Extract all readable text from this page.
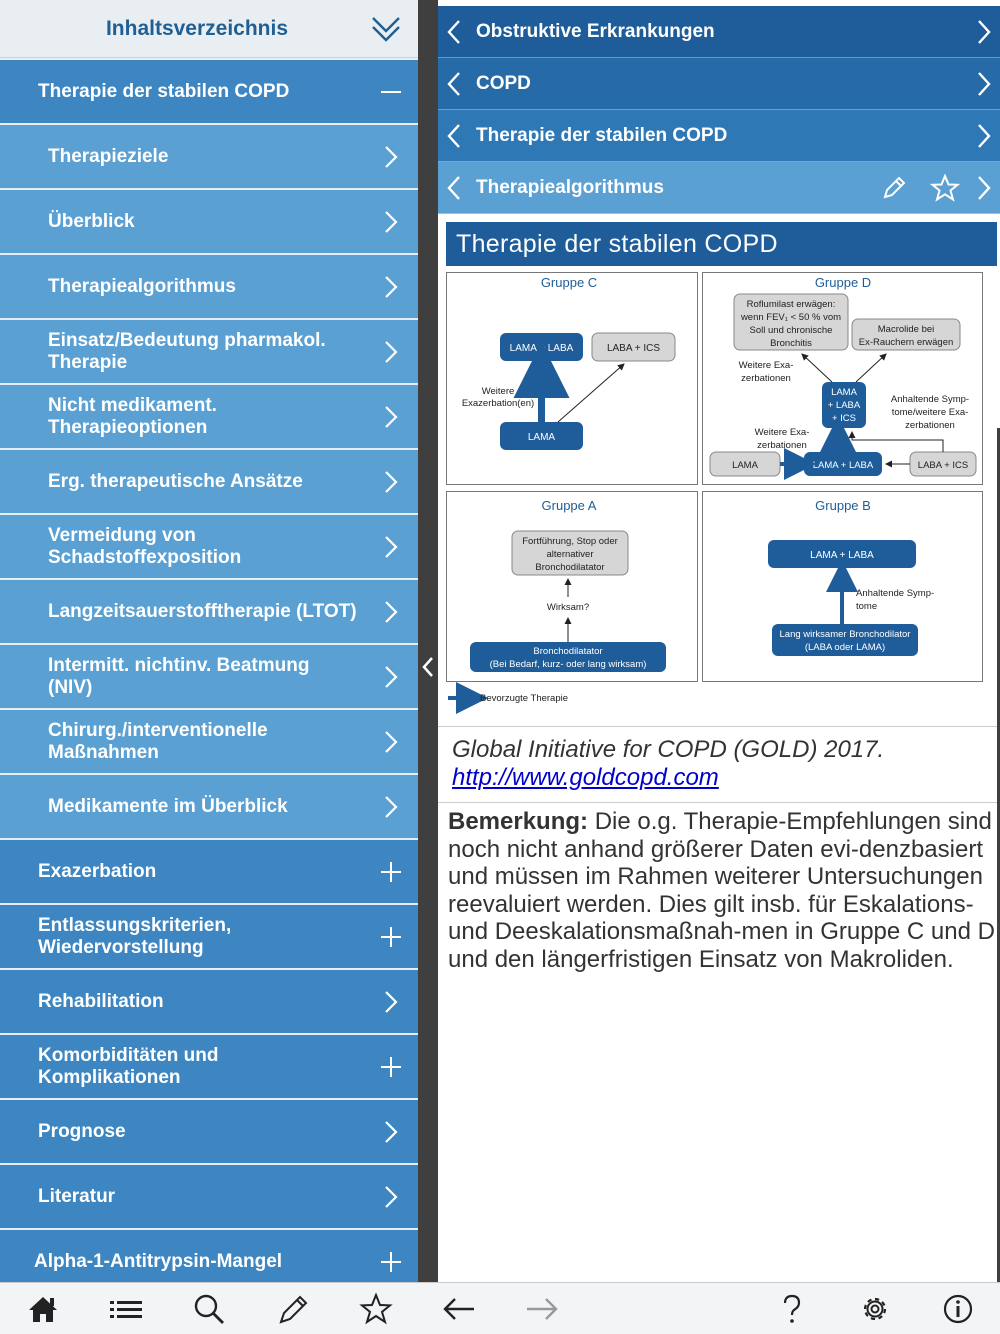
Inhaltsverzeichnis
Therapie der stabilen COPD
Therapieziele
Überblick
Therapiealgorithmus
Einsatz/Bedeutung pharmakol. Therapie
Nicht medikament. Therapieoptionen
Erg. therapeutische Ansätze
Vermeidung von Schadstoffexposition
Langzeitsauerstofftherapie (LTOT)
Intermitt. nichtinv. Beatmung (NIV)
Chirurg./interventionelle Maßnahmen
Medikamente im Überblick
Exazerbation
Entlassungskriterien, Wiedervorstellung
Rehabilitation
Komorbiditäten und Komplikationen
Prognose
Literatur
Alpha-1-Antitrypsin-Mangel
Obstruktive Erkrankungen
COPD
Therapie der stabilen COPD
Therapiealgorithmus
Therapie der stabilen COPD
Gruppe C
LAMA + LABA	LABA + ICS
LAMA
Weitere
Exazerbation(en)
Gruppe D
Roflumilast erwägen:
wenn FEV₁ < 50 % vom
Soll und chronische
Bronchitis
Macrolide bei
Ex-Rauchern erwägen
Weitere Exa-
zerbationen
LAMA
+ LABA
+ ICS
Anhaltende Symp-
tome/weitere Exa-
zerbationen
Weitere Exa-
zerbationen
LAMA	LAMA + LABA	LABA + ICS
Gruppe A
Fortführung, Stop oder
alternativer
Bronchodilatator
Wirksam?
Bronchodilatator
(Bei Bedarf, kurz- oder lang wirksam)
Gruppe B
LAMA + LABA
Anhaltende Symp-
tome
Lang wirksamer Bronchodilator
(LABA oder LAMA)
Bevorzugte Therapie
Global Initiative for COPD (GOLD) 2017.
http://www.goldcopd.com
Bemerkung: Die o.g. Therapie-Empfehlungen sind noch nicht anhand größerer Daten evi-denzbasiert und müssen im Rahmen weiterer Untersuchungen reevaluiert werden. Dies gilt insb. für Eskalations- und Deeskalationsmaßnah-men in Gruppe C und D und den längerfristigen Einsatz von Makroliden.
